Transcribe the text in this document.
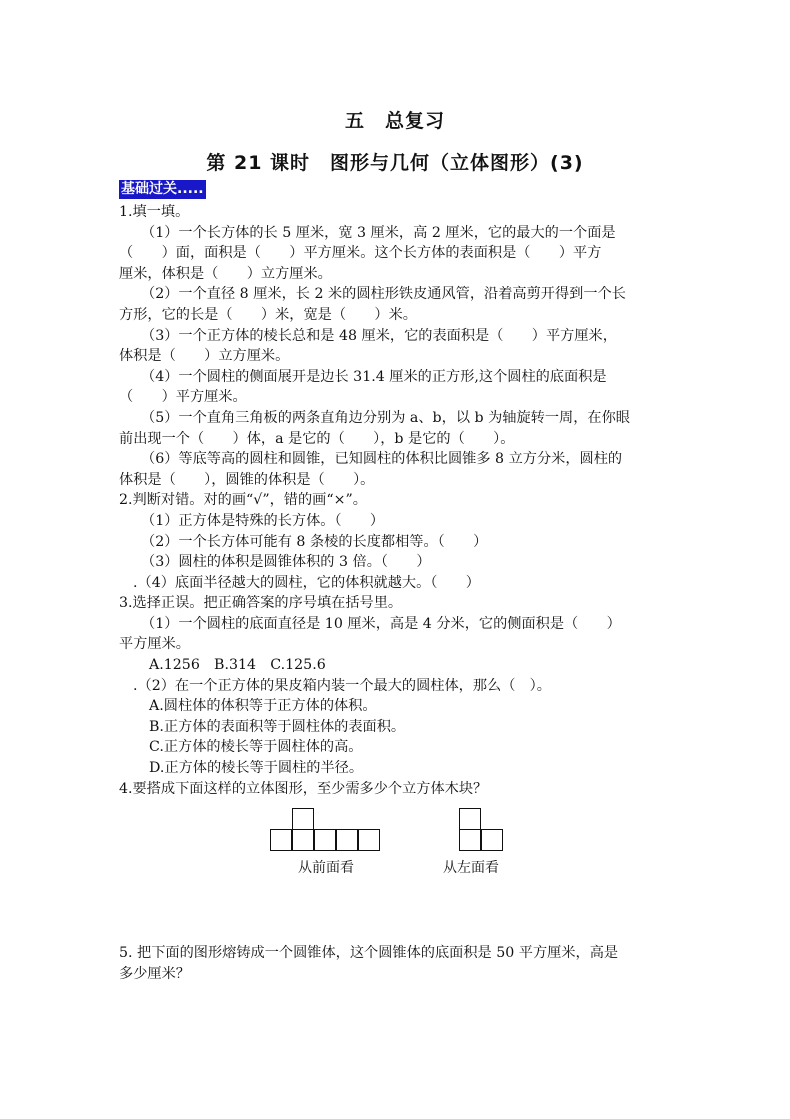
五　总复习
第 21 课时　图形与几何（立体图形）(3)
基础过关.....
1.填一填。
（1）一个长方体的长 5 厘米，宽 3 厘米，高 2 厘米，它的最大的一个面是
（　　）面，面积是（　　）平方厘米。这个长方体的表面积是（　　）平方
厘米，体积是（　　）立方厘米。
（2）一个直径 8 厘米，长 2 米的圆柱形铁皮通风管，沿着高剪开得到一个长
方形，它的长是（　　）米，宽是（　　）米。
（3）一个正方体的棱长总和是 48 厘米，它的表面积是（　　）平方厘米，
体积是（　　）立方厘米。
（4）一个圆柱的侧面展开是边长 31.4 厘米的正方形,这个圆柱的底面积是
（　　）平方厘米。
（5）一个直角三角板的两条直角边分别为 a、b，以 b 为轴旋转一周，在你眼
前出现一个（　　）体，a 是它的（　　），b 是它的（　　）。
（6）等底等高的圆柱和圆锥，已知圆柱的体积比圆锥多 8 立方分米，圆柱的
体积是（　　），圆锥的体积是（　　）。
2.判断对错。对的画“√”，错的画“×”。
（1）正方体是特殊的长方体。（　　）
（2）一个长方体可能有 8 条棱的长度都相等。（　　）
（3）圆柱的体积是圆锥体积的 3 倍。（　　）
.（4）底面半径越大的圆柱，它的体积就越大。（　　）
3.选择正误。把正确答案的序号填在括号里。
（1）一个圆柱的底面直径是 10 厘米，高是 4 分米，它的侧面积是（　　）
平方厘米。
A.1256　B.314　C.125.6
.（2）在一个正方体的果皮箱内装一个最大的圆柱体，那么（　）。
A.圆柱体的体积等于正方体的体积。
B.正方体的表面积等于圆柱体的表面积。
C.正方体的棱长等于圆柱体的高。
D.正方体的棱长等于圆柱的半径。
4.要搭成下面这样的立体图形，至少需多少个立方体木块？
从前面看	从左面看
5. 把下面的图形熔铸成一个圆锥体，这个圆锥体的底面积是 50 平方厘米，高是
多少厘米？
